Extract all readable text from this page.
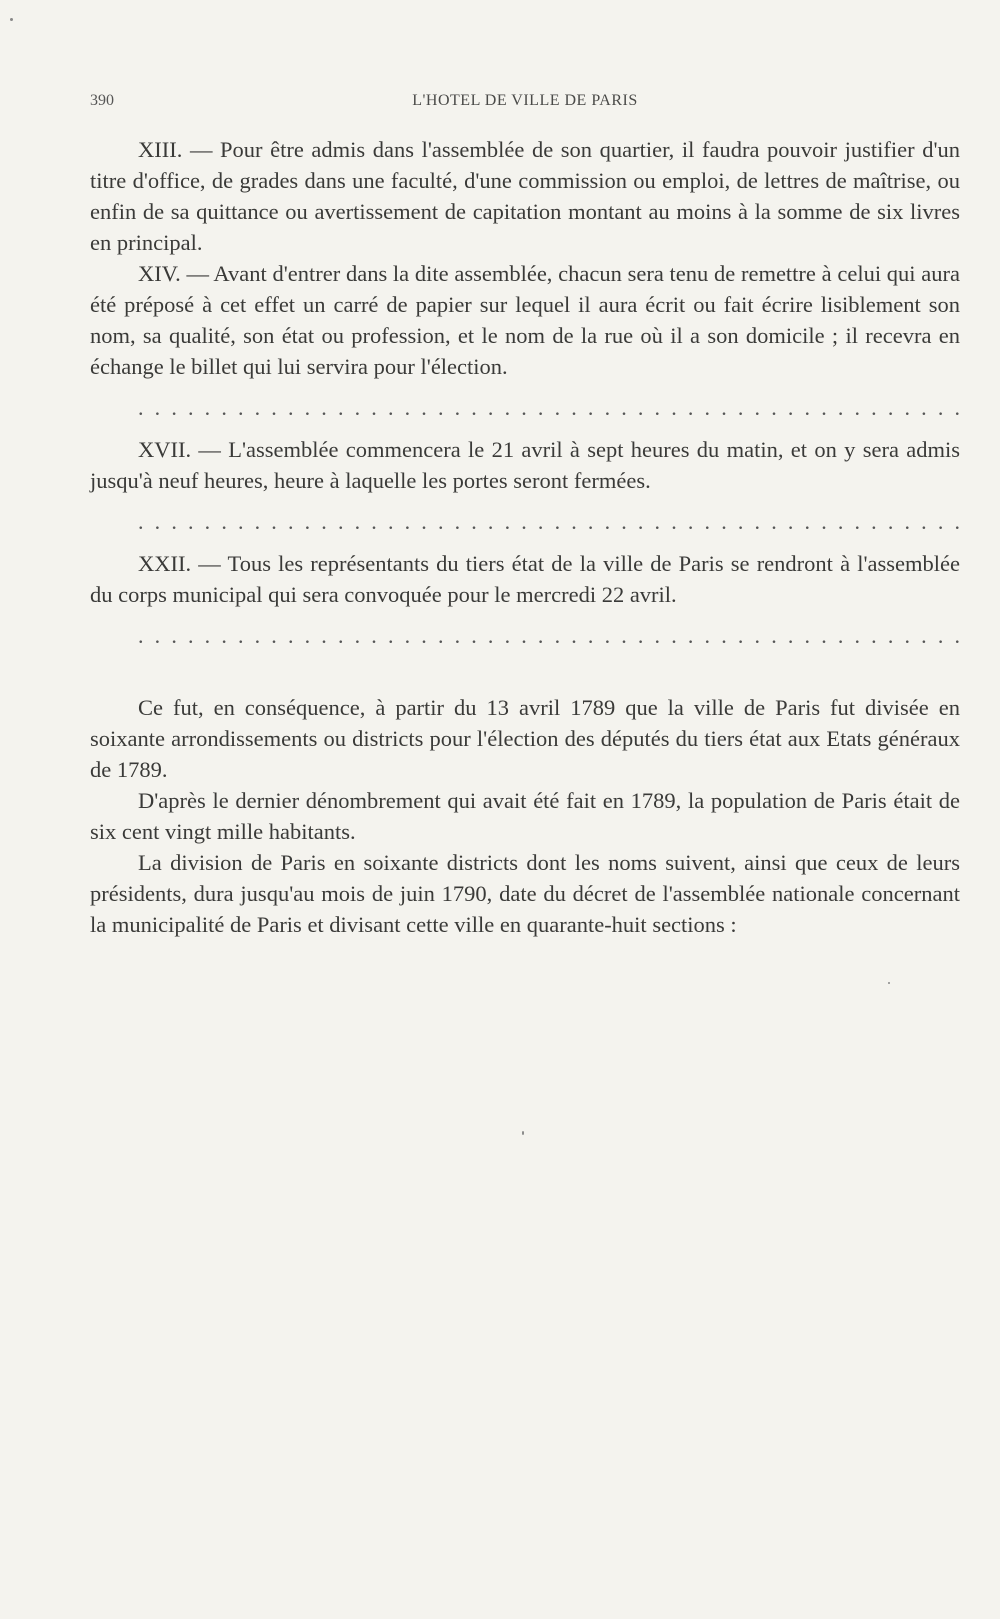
390	L'HOTEL DE VILLE DE PARIS

XIII. — Pour être admis dans l'assemblée de son quartier, il faudra pouvoir justifier d'un titre d'office, de grades dans une faculté, d'une commission ou emploi, de lettres de maîtrise, ou enfin de sa quittance ou avertissement de capitation montant au moins à la somme de six livres en principal.

XIV. — Avant d'entrer dans la dite assemblée, chacun sera tenu de remettre à celui qui aura été préposé à cet effet un carré de papier sur lequel il aura écrit ou fait écrire lisiblement son nom, sa qualité, son état ou profession, et le nom de la rue où il a son domicile ; il recevra en échange le billet qui lui servira pour l'élection.

. . . . . . . . . . . . . . . . . . . . . . . . . . . . . . . . . . . . . . . . . . . . . . . . . .

XVII. — L'assemblée commencera le 21 avril à sept heures du matin, et on y sera admis jusqu'à neuf heures, heure à laquelle les portes seront fermées.

. . . . . . . . . . . . . . . . . . . . . . . . . . . . . . . . . . . . . . . . . . . . . . . . . .

XXII. — Tous les représentants du tiers état de la ville de Paris se rendront à l'assemblée du corps municipal qui sera convoquée pour le mercredi 22 avril.

. . . . . . . . . . . . . . . . . . . . . . . . . . . . . . . . . . . . . . . . . . . . . . . . . .

Ce fut, en conséquence, à partir du 13 avril 1789 que la ville de Paris fut divisée en soixante arrondissements ou districts pour l'élection des députés du tiers état aux Etats généraux de 1789.

D'après le dernier dénombrement qui avait été fait en 1789, la population de Paris était de six cent vingt mille habitants.

La division de Paris en soixante districts dont les noms suivent, ainsi que ceux de leurs présidents, dura jusqu'au mois de juin 1790, date du décret de l'assemblée nationale concernant la municipalité de Paris et divisant cette ville en quarante-huit sections :
